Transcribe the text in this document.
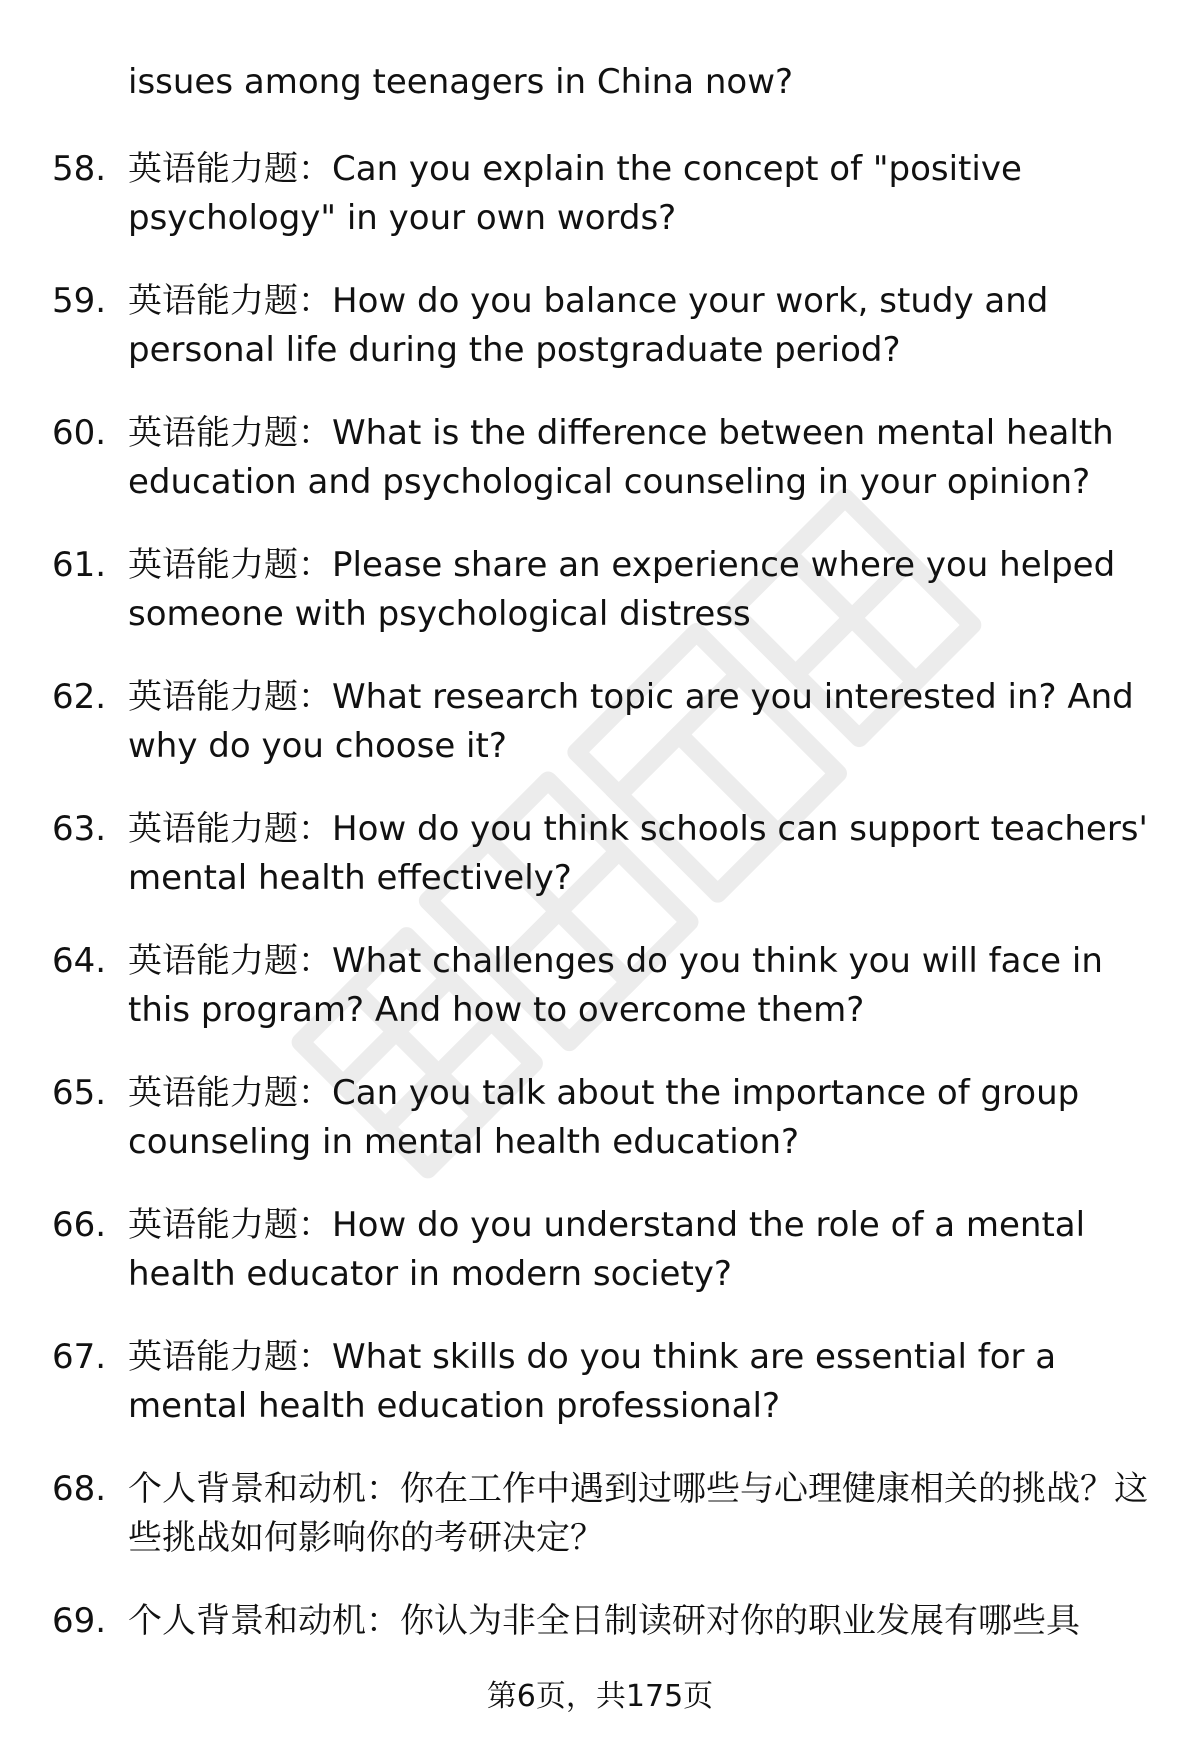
issues among teenagers in China now?
58. 英语能力题：Can you explain the concept of "positive psychology" in your own words?
59. 英语能力题：How do you balance your work, study and personal life during the postgraduate period?
60. 英语能力题：What is the difference between mental health education and psychological counseling in your opinion?
61. 英语能力题：Please share an experience where you helped someone with psychological distress
62. 英语能力题：What research topic are you interested in? And why do you choose it?
63. 英语能力题：How do you think schools can support teachers' mental health effectively?
64. 英语能力题：What challenges do you think you will face in this program? And how to overcome them?
65. 英语能力题：Can you talk about the importance of group counseling in mental health education?
66. 英语能力题：How do you understand the role of a mental health educator in modern society?
67. 英语能力题：What skills do you think are essential for a mental health education professional?
68. 个人背景和动机：你在工作中遇到过哪些与心理健康相关的挑战？这些挑战如何影响你的考研决定？
69. 个人背景和动机：你认为非全日制读研对你的职业发展有哪些具
第6页，共175页
